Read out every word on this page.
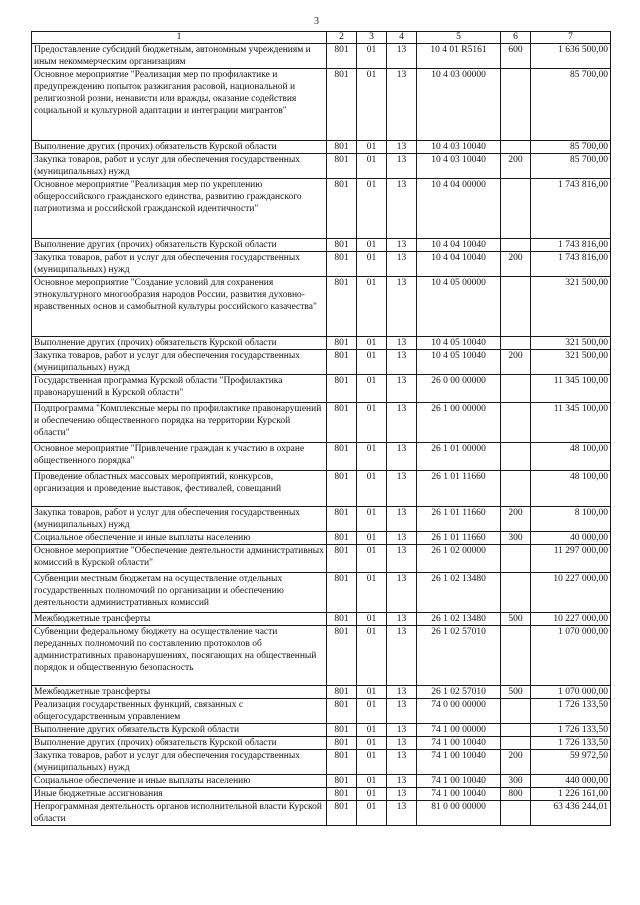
3
1	2	3	4	5	6	7
Предоставление субсидий бюджетным, автономным учреждениям и иным некоммерческим организациям	801	01	13	10 4 01 R5161	600	1 636 500,00
Основное мероприятие "Реализация мер по профилактике и предупреждению попыток разжигания расовой, национальной и религиозной розни, ненависти или вражды, оказание содействия социальной и культурной адаптации и интеграции мигрантов"	801	01	13	10 4 03 00000		85 700,00
Выполнение других (прочих) обязательств Курской области	801	01	13	10 4 03 10040		85 700,00
Закупка товаров, работ и услуг для обеспечения государственных (муниципальных) нужд	801	01	13	10 4 03 10040	200	85 700,00
Основное мероприятие "Реализация мер по укреплению общероссийского гражданского единства, развитию гражданского патриотизма и российской гражданской идентичности"	801	01	13	10 4 04 00000		1 743 816,00
Выполнение других (прочих) обязательств Курской области	801	01	13	10 4 04 10040		1 743 816,00
Закупка товаров, работ и услуг для обеспечения государственных (муниципальных) нужд	801	01	13	10 4 04 10040	200	1 743 816,00
Основное мероприятие "Создание условий для сохранения этнокультурного многообразия народов России, развития духовно-нравственных основ и самобытной культуры российского казачества"	801	01	13	10 4 05 00000		321 500,00
Выполнение других (прочих) обязательств Курской области	801	01	13	10 4 05 10040		321 500,00
Закупка товаров, работ и услуг для обеспечения государственных (муниципальных) нужд	801	01	13	10 4 05 10040	200	321 500,00
Государственная программа Курской области "Профилактика правонарушений в Курской области"	801	01	13	26 0 00 00000		11 345 100,00
Подпрограмма "Комплексные меры по профилактике правонарушений и обеспечению общественного порядка на территории Курской области"	801	01	13	26 1 00 00000		11 345 100,00
Основное мероприятие "Привлечение граждан к участию в охране общественного порядка"	801	01	13	26 1 01 00000		48 100,00
Проведение областных массовых мероприятий, конкурсов, организация и проведение выставок, фестивалей, совещаний	801	01	13	26 1 01 11660		48 100,00
Закупка товаров, работ и услуг для обеспечения государственных (муниципальных) нужд	801	01	13	26 1 01 11660	200	8 100,00
Социальное обеспечение и иные выплаты населению	801	01	13	26 1 01 11660	300	40 000,00
Основное мероприятие "Обеспечение деятельности административных комиссий в Курской области"	801	01	13	26 1 02 00000		11 297 000,00
Субвенции местным бюджетам на осуществление отдельных государственных полномочий по организации и обеспечению деятельности административных комиссий	801	01	13	26 1 02 13480		10 227 000,00
Межбюджетные трансферты	801	01	13	26 1 02 13480	500	10 227 000,00
Субвенции федеральному бюджету на осуществление части переданных полномочий по составлению протоколов об административных правонарушениях, посягающих на общественный порядок и общественную безопасность	801	01	13	26 1 02 57010		1 070 000,00
Межбюджетные трансферты	801	01	13	26 1 02 57010	500	1 070 000,00
Реализация государственных функций, связанных с общегосударственным управлением	801	01	13	74 0 00 00000		1 726 133,50
Выполнение других обязательств Курской области	801	01	13	74 1 00 00000		1 726 133,50
Выполнение других (прочих) обязательств Курской области	801	01	13	74 1 00 10040		1 726 133,50
Закупка товаров, работ и услуг для обеспечения государственных (муниципальных) нужд	801	01	13	74 1 00 10040	200	59 972,50
Социальное обеспечение и иные выплаты населению	801	01	13	74 1 00 10040	300	440 000,00
Иные бюджетные ассигнования	801	01	13	74 1 00 10040	800	1 226 161,00
Непрограммная деятельность органов исполнительной власти Курской области	801	01	13	81 0 00 00000		63 436 244,01
